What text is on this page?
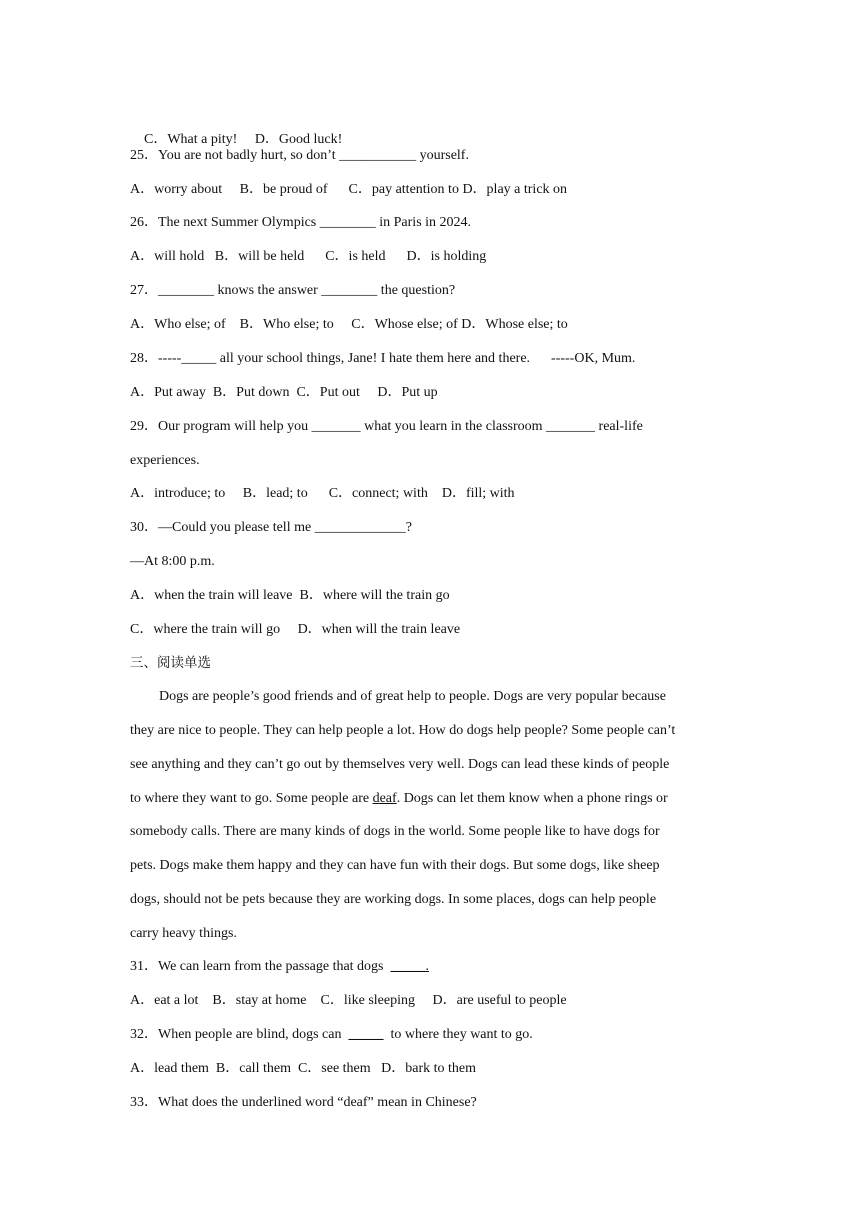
C．What a pity!     D．Good luck!

25．You are not badly hurt, so don’t ___________ yourself.
A．worry about     B．be proud of      C．pay attention to D．play a trick on
26．The next Summer Olympics ________ in Paris in 2024.
A．will hold   B．will be held      C．is held      D．is holding
27．________ knows the answer ________ the question?
A．Who else; of    B．Who else; to     C．Whose else; of D．Whose else; to
28．-----_____ all your school things, Jane! I hate them here and there.      -----OK, Mum.
A．Put away  B．Put down  C．Put out     D．Put up
29．Our program will help you _______ what you learn in the classroom _______ real-life
experiences.
A．introduce; to     B．lead; to      C．connect; with    D．fill; with
30．—Could you please tell me _____________?
—At 8:00 p.m.
A．when the train will leave  B．where will the train go
C．where the train will go     D．when will the train leave
三、阅读单选
Dogs are people’s good friends and of great help to people. Dogs are very popular because
they are nice to people. They can help people a lot. How do dogs help people? Some people can’t
see anything and they can’t go out by themselves very well. Dogs can lead these kinds of people
to where they want to go. Some people are deaf. Dogs can let them know when a phone rings or
somebody calls. There are many kinds of dogs in the world. Some people like to have dogs for
pets. Dogs make them happy and they can have fun with their dogs. But some dogs, like sheep
dogs, should not be pets because they are working dogs. In some places, dogs can help people
carry heavy things.
31．We can learn from the passage that dogs  _____.
A．eat a lot    B．stay at home    C．like sleeping     D．are useful to people
32．When people are blind, dogs can  _____  to where they want to go.
A．lead them  B．call them  C．see them   D．bark to them
33．What does the underlined word “deaf” mean in Chinese?
